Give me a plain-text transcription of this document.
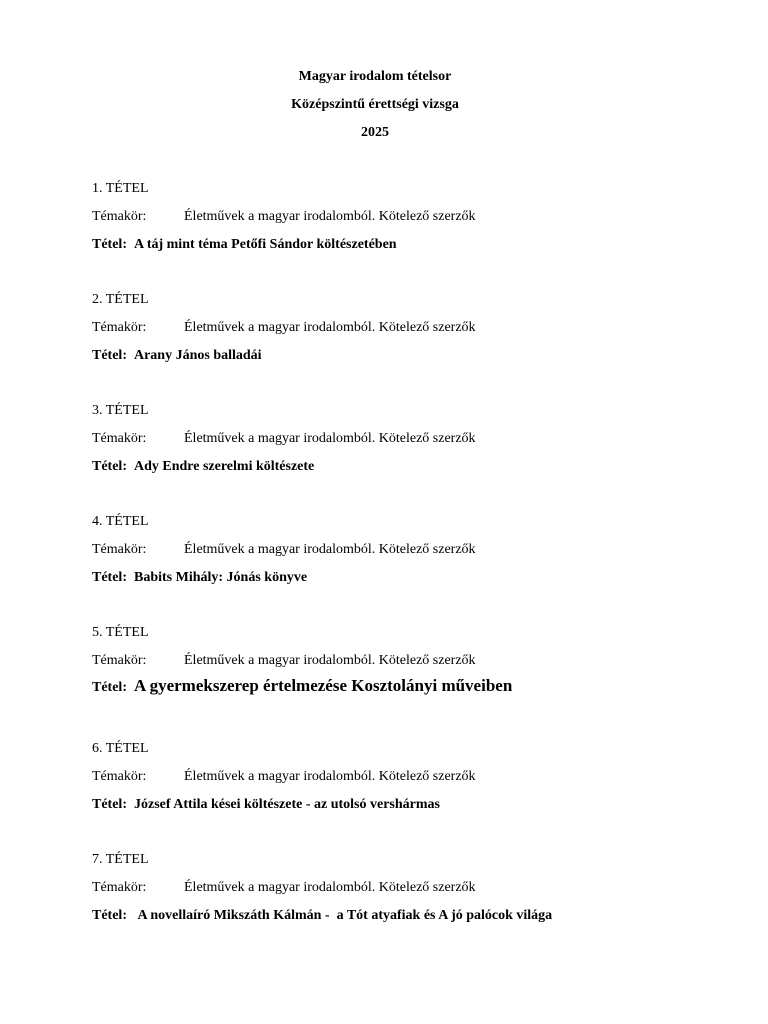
Magyar irodalom tételsor
Középszintű érettségi vizsga
2025
1. TÉTEL
Témakör:	Életművek a magyar irodalomból. Kötelező szerzők
Tétel: A táj mint téma Petőfi Sándor költészetében
2. TÉTEL
Témakör:	Életművek a magyar irodalomból. Kötelező szerzők
Tétel: Arany János balladái
3. TÉTEL
Témakör:	Életművek a magyar irodalomból. Kötelező szerzők
Tétel: Ady Endre szerelmi költészete
4. TÉTEL
Témakör:	Életművek a magyar irodalomból. Kötelező szerzők
Tétel: Babits Mihály: Jónás könyve
5. TÉTEL
Témakör:	Életművek a magyar irodalomból. Kötelező szerzők
Tétel: A gyermekszerep értelmezése Kosztolányi műveiben
6. TÉTEL
Témakör:	Életművek a magyar irodalomból. Kötelező szerzők
Tétel: József Attila kései költészete - az utolsó vershármas
7. TÉTEL
Témakör:	Életművek a magyar irodalomból. Kötelező szerzők
Tétel: A novellaíró Mikszáth Kálmán -  a Tót atyafiak és A jó palócok világa
